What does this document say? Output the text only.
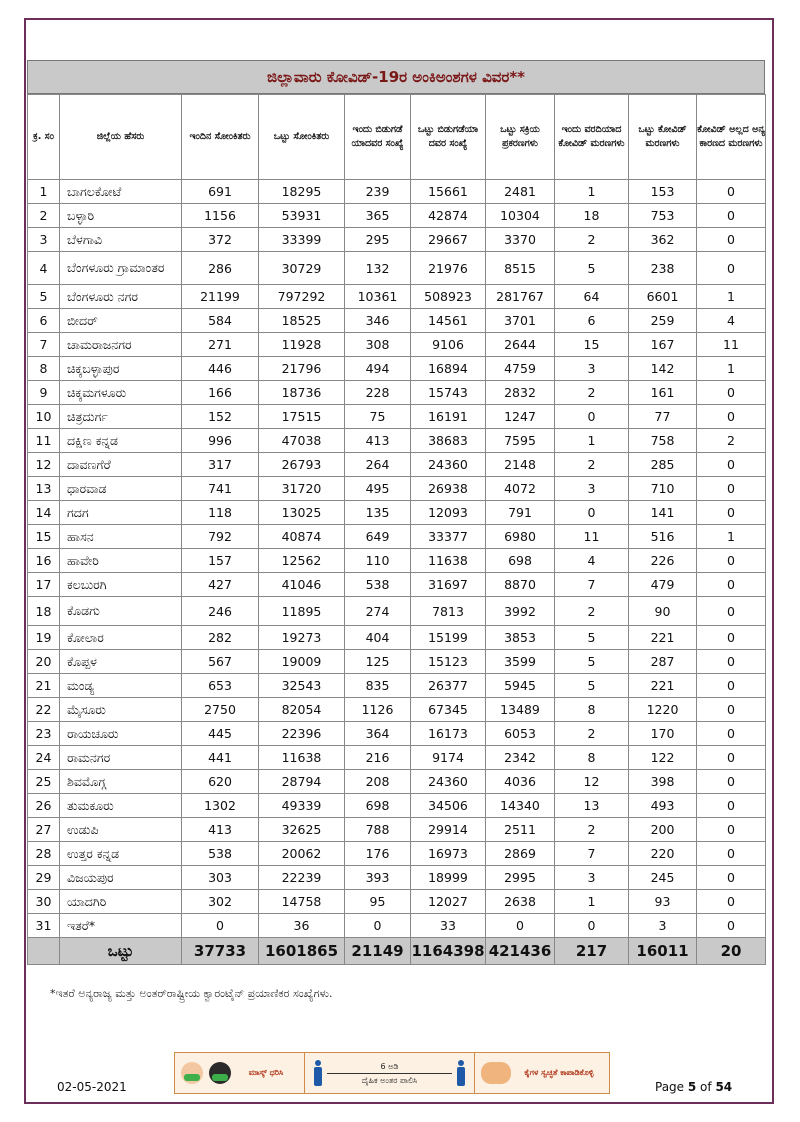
ಜಿಲ್ಲಾವಾರು ಕೋವಿಡ್-19ರ ಅಂಕಿಅಂಶಗಳ ವಿವರ**
ಕ್ರ. ಸಂ	ಜಿಲ್ಲೆಯ ಹೆಸರು	ಇಂದಿನ ಸೋಂಕಿತರು	ಒಟ್ಟು ಸೋಂಕಿತರು	ಇಂದು ಬಿಡುಗಡೆ ಯಾದವರ ಸಂಖ್ಯೆ	ಒಟ್ಟು ಬಿಡುಗಡೆಯಾ ದವರ ಸಂಖ್ಯೆ	ಒಟ್ಟು ಸಕ್ರಿಯ ಪ್ರಕರಣಗಳು	ಇಂದು ವರದಿಯಾದ ಕೋವಿಡ್ ಮರಣಗಳು	ಒಟ್ಟು ಕೋವಿಡ್ ಮರಣಗಳು	ಕೋವಿಡ್ ಅಲ್ಲದ ಅನ್ಯ ಕಾರಣದ ಮರಣಗಳು
1	ಬಾಗಲಕೋಟೆ	691	18295	239	15661	2481	1	153	0
2	ಬಳ್ಳಾರಿ	1156	53931	365	42874	10304	18	753	0
3	ಬೆಳಗಾವಿ	372	33399	295	29667	3370	2	362	0
4	ಬೆಂಗಳೂರು ಗ್ರಾಮಾಂತರ	286	30729	132	21976	8515	5	238	0
5	ಬೆಂಗಳೂರು ನಗರ	21199	797292	10361	508923	281767	64	6601	1
6	ಬೀದರ್	584	18525	346	14561	3701	6	259	4
7	ಚಾಮರಾಜನಗರ	271	11928	308	9106	2644	15	167	11
8	ಚಿಕ್ಕಬಳ್ಳಾಪುರ	446	21796	494	16894	4759	3	142	1
9	ಚಿಕ್ಕಮಗಳೂರು	166	18736	228	15743	2832	2	161	0
10	ಚಿತ್ರದುರ್ಗ	152	17515	75	16191	1247	0	77	0
11	ದಕ್ಷಿಣ ಕನ್ನಡ	996	47038	413	38683	7595	1	758	2
12	ದಾವಣಗೆರೆ	317	26793	264	24360	2148	2	285	0
13	ಧಾರವಾಡ	741	31720	495	26938	4072	3	710	0
14	ಗದಗ	118	13025	135	12093	791	0	141	0
15	ಹಾಸನ	792	40874	649	33377	6980	11	516	1
16	ಹಾವೇರಿ	157	12562	110	11638	698	4	226	0
17	ಕಲಬುರಗಿ	427	41046	538	31697	8870	7	479	0
18	ಕೊಡಗು	246	11895	274	7813	3992	2	90	0
19	ಕೋಲಾರ	282	19273	404	15199	3853	5	221	0
20	ಕೊಪ್ಪಳ	567	19009	125	15123	3599	5	287	0
21	ಮಂಡ್ಯ	653	32543	835	26377	5945	5	221	0
22	ಮೈಸೂರು	2750	82054	1126	67345	13489	8	1220	0
23	ರಾಯಚೂರು	445	22396	364	16173	6053	2	170	0
24	ರಾಮನಗರ	441	11638	216	9174	2342	8	122	0
25	ಶಿವಮೊಗ್ಗ	620	28794	208	24360	4036	12	398	0
26	ತುಮಕೂರು	1302	49339	698	34506	14340	13	493	0
27	ಉಡುಪಿ	413	32625	788	29914	2511	2	200	0
28	ಉತ್ತರ ಕನ್ನಡ	538	20062	176	16973	2869	7	220	0
29	ವಿಜಯಪುರ	303	22239	393	18999	2995	3	245	0
30	ಯಾದಗಿರಿ	302	14758	95	12027	2638	1	93	0
31	ಇತರೆ*	0	36	0	33	0	0	3	0
	ಒಟ್ಟು	37733	1601865	21149	1164398	421436	217	16011	20
*ಇತರೆ ಅನ್ಯರಾಜ್ಯ ಮತ್ತು ಅಂತರ್‌ರಾಷ್ಟ್ರೀಯ ಕ್ವಾರಂಟೈನ್ ಪ್ರಯಾಣಿಕರ ಸಂಖ್ಯೆಗಳು.
ಮಾಸ್ಕ್ ಧರಿಸಿ
6 ಅಡಿ
ದೈಹಿಕ ಅಂತರ ಪಾಲಿಸಿ
ಕೈಗಳ ಸ್ವಚ್ಛತೆ ಕಾಪಾಡಿಕೊಳ್ಳಿ
02-05-2021	Page 5 of 54
